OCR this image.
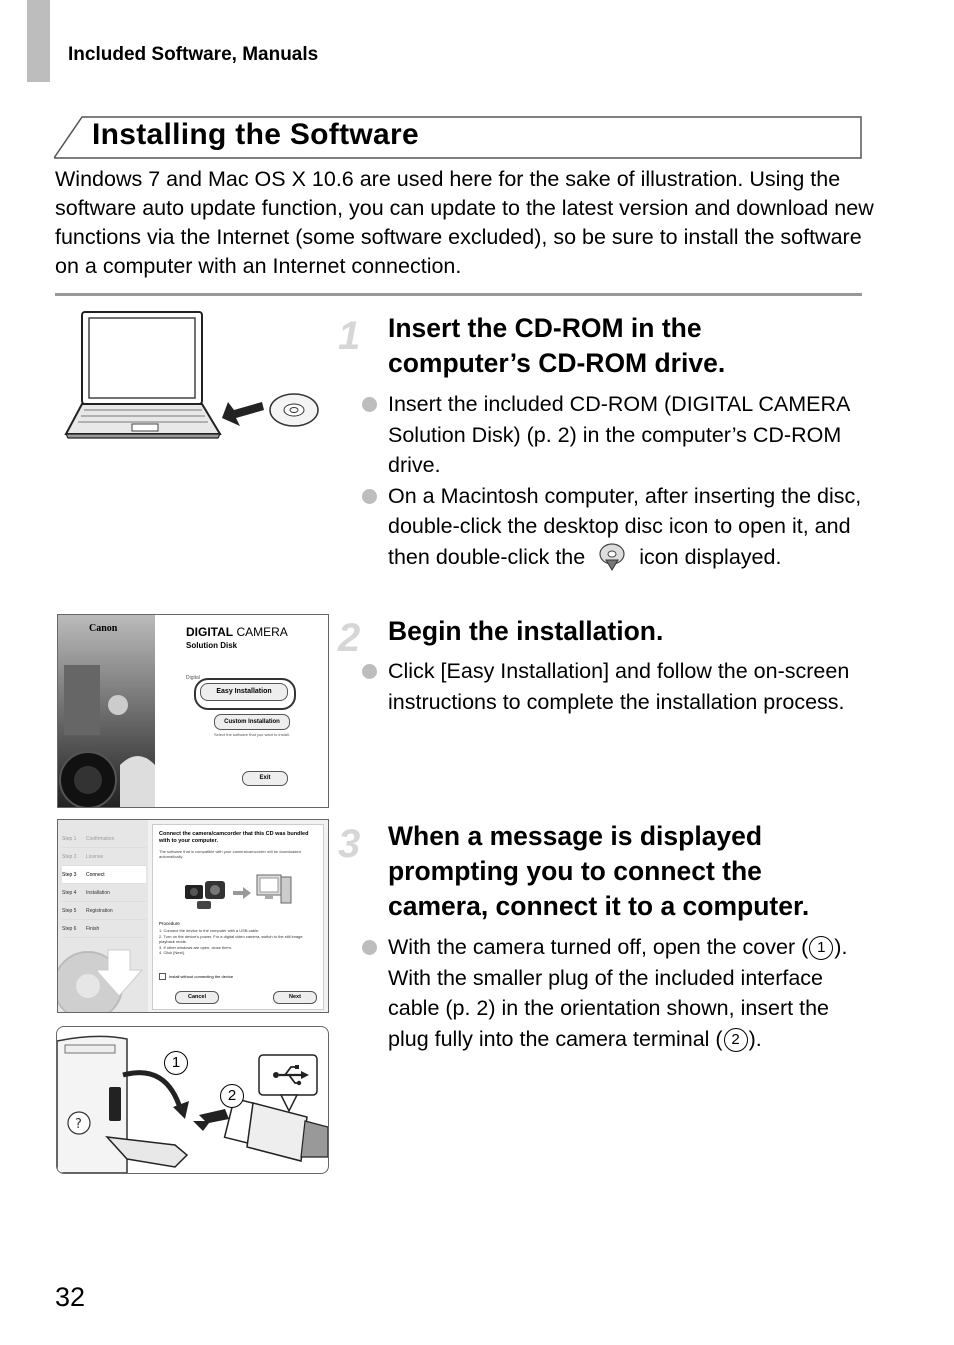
Included Software, Manuals
Installing the Software
Windows 7 and Mac OS X 10.6 are used here for the sake of illustration. Using the software auto update function, you can update to the latest version and download new functions via the Internet (some software excluded), so be sure to install the software on a computer with an Internet connection.
1 Insert the CD-ROM in the
computer’s CD-ROM drive.
Insert the included CD-ROM (DIGITAL CAMERA Solution Disk) (p. 2) in the computer’s CD-ROM drive.
On a Macintosh computer, after inserting the disc, double-click the desktop disc icon to open it, and then double-click the	icon displayed.
Canon	DIGITAL CAMERA
Solution Disk
Digital
Easy Installation
Custom Installation
Select the software that you want to install.
Exit
2 Begin the installation.
Click [Easy Installation] and follow the on-screen instructions to complete the installation process.
Step 1	Confirmation
Step 2	License
Step 3	Connect
Step 4	Installation
Step 5	Registration
Step 6	Finish
Connect the camera/camcorder that this CD was bundled with to your computer.
The software that is compatible with your camera/camcorder will be downloaded automatically.
Procedure
1. Connect the device to the computer with a USB cable.
2. Turn on the device’s power. For a digital video camera, switch to the still image playback mode.
3. If other windows are open, close them.
4. Click [Next].
Install without connecting the device
Cancel	Next
3 When a message is displayed
prompting you to connect the
camera, connect it to a computer.
With the camera turned off, open the cover ( 1 ). With the smaller plug of the included interface cable (p. 2) in the orientation shown, insert the plug fully into the camera terminal ( 2 ).
?
1
2
32
